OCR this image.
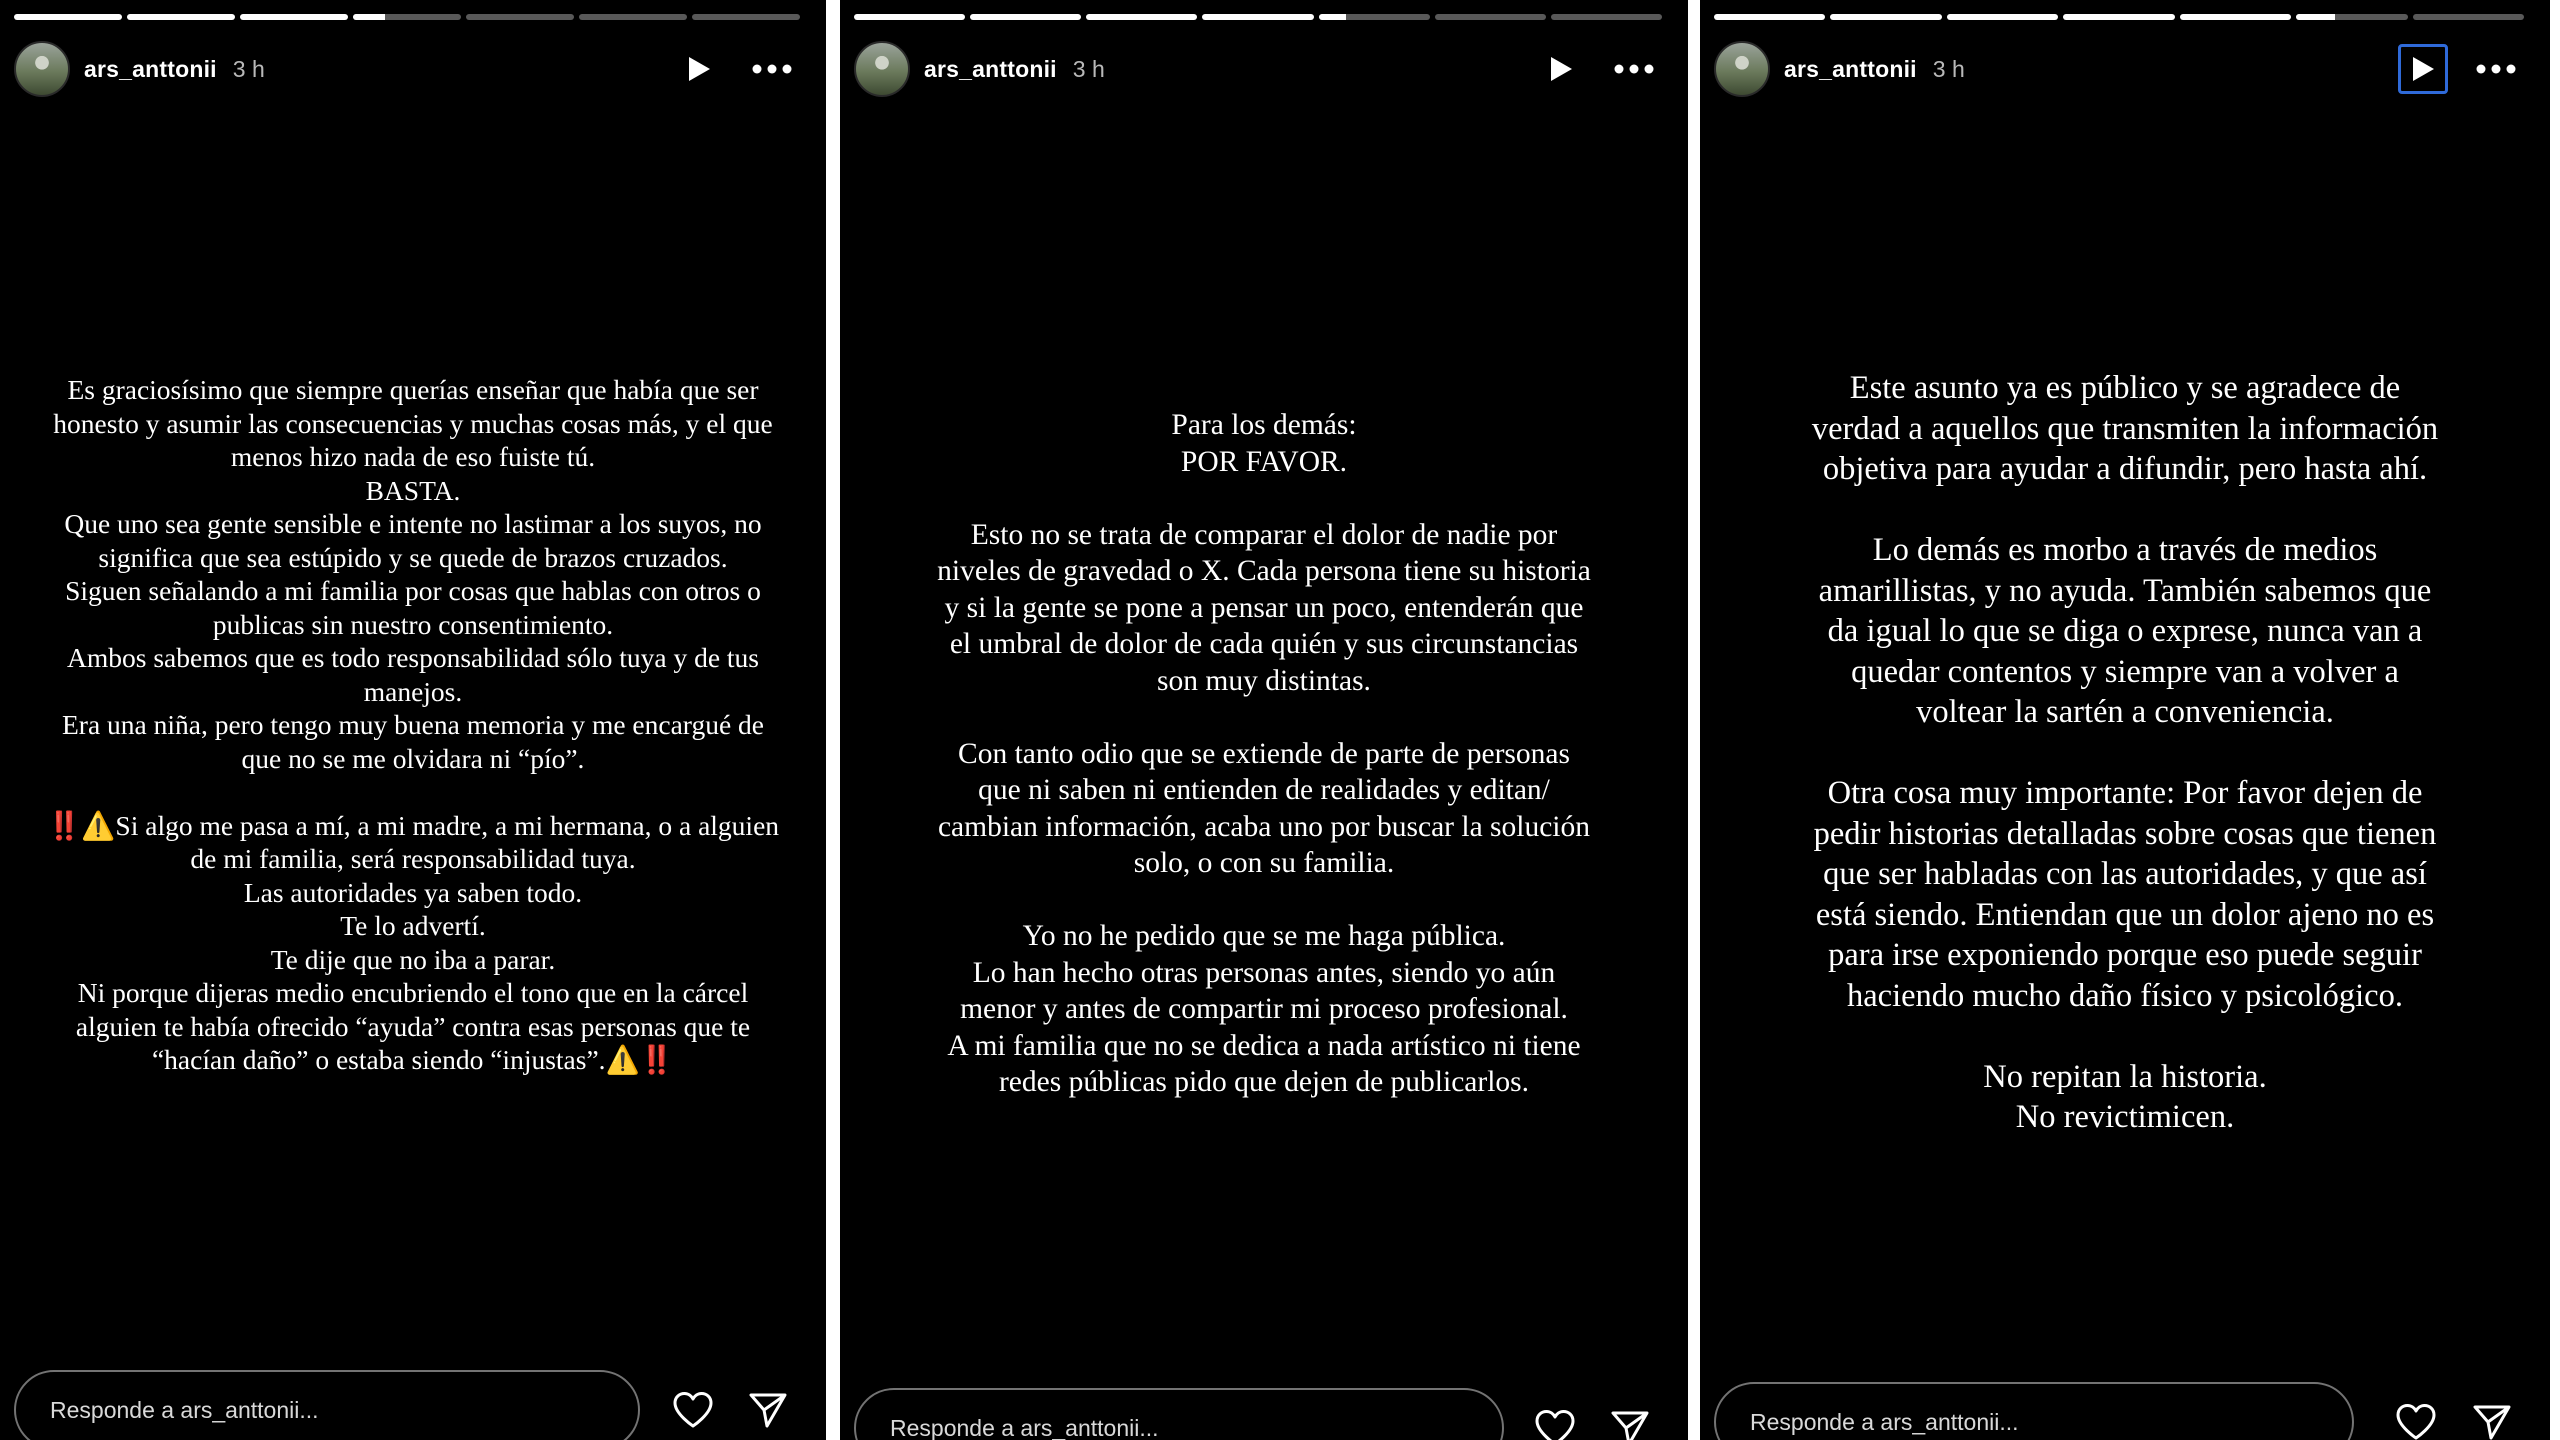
ars_anttonii 3 h
Es graciosísimo que siempre querías enseñar que había que ser
honesto y asumir las consecuencias y muchas cosas más, y el que
menos hizo nada de eso fuiste tú.
BASTA.
Que uno sea gente sensible e intente no lastimar a los suyos, no
significa que sea estúpido y se quede de brazos cruzados.
Siguen señalando a mi familia por cosas que hablas con otros o
publicas sin nuestro consentimiento.
Ambos sabemos que es todo responsabilidad sólo tuya y de tus
manejos.
Era una niña, pero tengo muy buena memoria y me encargué de
que no se me olvidara ni “pío”.

‼️⚠️Si algo me pasa a mí, a mi madre, a mi hermana, o a alguien
de mi familia, será responsabilidad tuya.
Las autoridades ya saben todo.
Te lo advertí.
Te dije que no iba a parar.
Ni porque dijeras medio encubriendo el tono que en la cárcel
alguien te había ofrecido “ayuda” contra esas personas que te
“hacían daño” o estaba siendo “injustas”.⚠️‼️
Responde a ars_anttonii...
ars_anttonii 3 h
Para los demás:
POR FAVOR.

Esto no se trata de comparar el dolor de nadie por
niveles de gravedad o X. Cada persona tiene su historia
y si la gente se pone a pensar un poco, entenderán que
el umbral de dolor de cada quién y sus circunstancias
son muy distintas.

Con tanto odio que se extiende de parte de personas
que ni saben ni entienden de realidades y editan/
cambian información, acaba uno por buscar la solución
solo, o con su familia.

Yo no he pedido que se me haga pública.
Lo han hecho otras personas antes, siendo yo aún
menor y antes de compartir mi proceso profesional.
A mi familia que no se dedica a nada artístico ni tiene
redes públicas pido que dejen de publicarlos.
Responde a ars_anttonii...
ars_anttonii 3 h
Este asunto ya es público y se agradece de
verdad a aquellos que transmiten la información
objetiva para ayudar a difundir, pero hasta ahí.

Lo demás es morbo a través de medios
amarillistas, y no ayuda. También sabemos que
da igual lo que se diga o exprese, nunca van a
quedar contentos y siempre van a volver a
voltear la sartén a conveniencia.

Otra cosa muy importante: Por favor dejen de
pedir historias detalladas sobre cosas que tienen
que ser habladas con las autoridades, y que así
está siendo. Entiendan que un dolor ajeno no es
para irse exponiendo porque eso puede seguir
haciendo mucho daño físico y psicológico.

No repitan la historia.
No revictimicen.
Responde a ars_anttonii...
